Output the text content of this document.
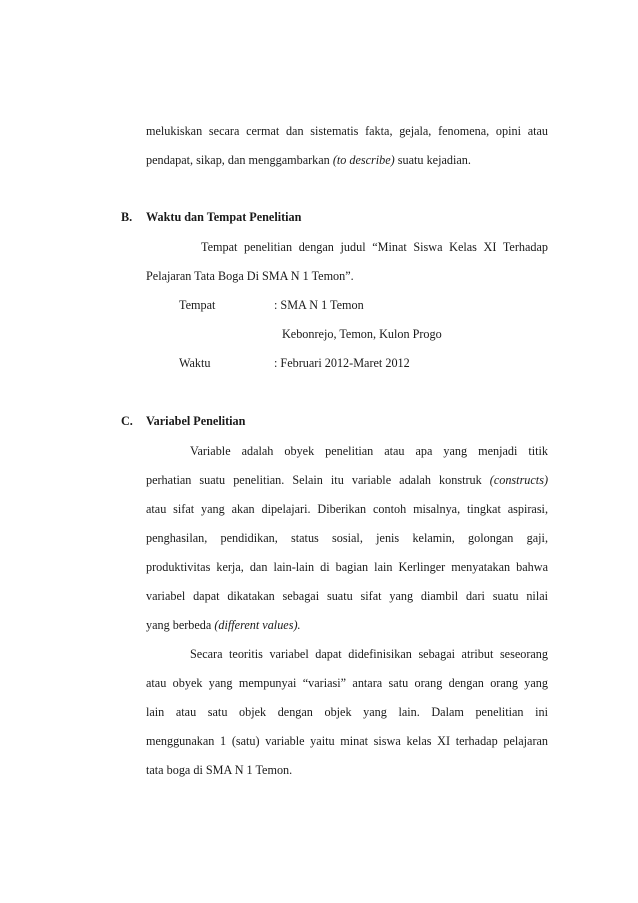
melukiskan secara cermat dan sistematis fakta, gejala, fenomena, opini atau
pendapat, sikap, dan menggambarkan (to describe) suatu kejadian.
B. Waktu dan Tempat Penelitian
Tempat penelitian dengan judul “Minat Siswa Kelas XI Terhadap
Pelajaran Tata Boga Di SMA N 1 Temon”.
Tempat	: SMA N 1 Temon
Kebonrejo, Temon, Kulon Progo
Waktu	: Februari 2012-Maret 2012
C. Variabel Penelitian
Variable adalah obyek penelitian atau apa yang menjadi titik
perhatian suatu penelitian. Selain itu variable adalah konstruk (constructs)
atau sifat yang akan dipelajari. Diberikan contoh misalnya, tingkat aspirasi,
penghasilan, pendidikan, status sosial, jenis kelamin, golongan gaji,
produktivitas kerja, dan lain-lain di bagian lain Kerlinger menyatakan bahwa
variabel dapat dikatakan sebagai suatu sifat yang diambil dari suatu nilai
yang berbeda (different values).
Secara teoritis variabel dapat didefinisikan sebagai atribut seseorang
atau obyek yang mempunyai “variasi” antara satu orang dengan orang yang
lain atau satu objek dengan objek yang lain. Dalam penelitian ini
menggunakan 1 (satu) variable yaitu minat siswa kelas XI terhadap pelajaran
tata boga di SMA N 1 Temon.
